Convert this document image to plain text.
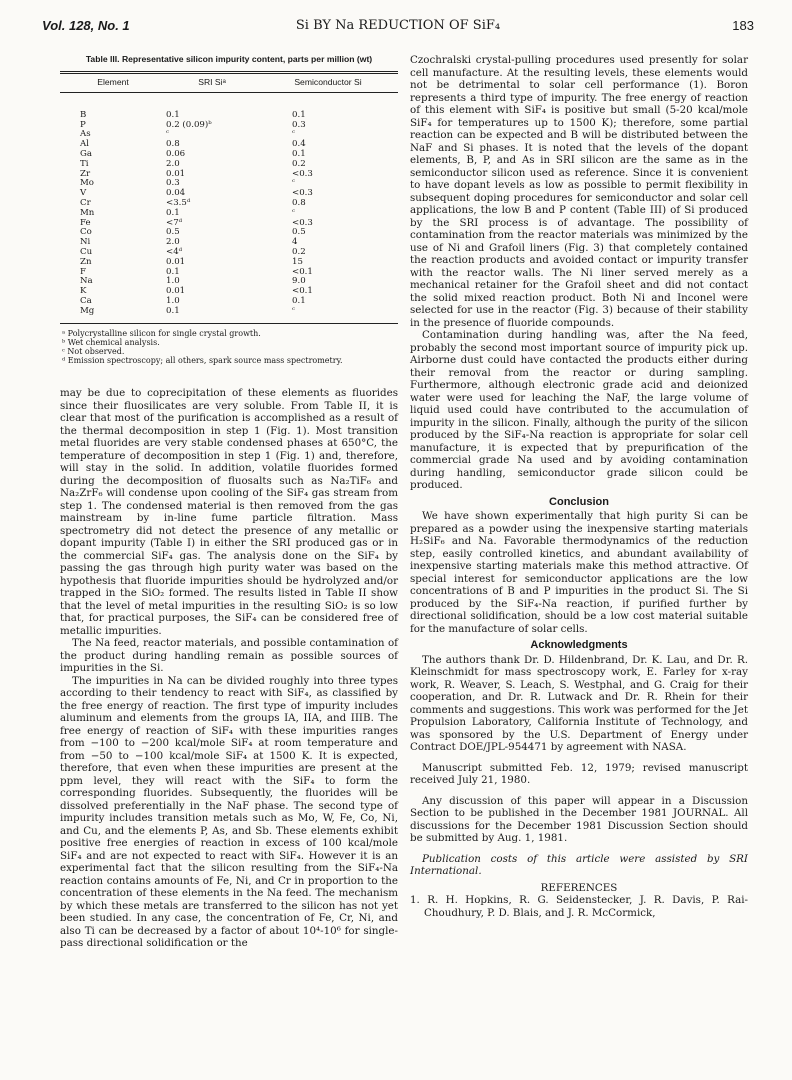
Vol. 128, No. 1	Si BY Na REDUCTION OF SiF₄	183
Table III. Representative silicon impurity content, parts per million (wt)
Element	SRI Siᵃ	Semiconductor Si
B	0.1	0.1
P	0.2 (0.09)ᵇ	0.3
As	ᶜ	ᶜ
Al	0.8	0.4
Ga	0.06	0.1
Ti	2.0	0.2
Zr	0.01	<0.3
Mo	0.3	ᶜ
V	0.04	<0.3
Cr	<3.5ᵈ	0.8
Mn	0.1	ᶜ
Fe	<7ᵈ	<0.3
Co	0.5	0.5
Ni	2.0	4
Cu	<4ᵈ	0.2
Zn	0.01	15
F	0.1	<0.1
Na	1.0	9.0
K	0.01	<0.1
Ca	1.0	0.1
Mg	0.1	ᶜ
ᵃ Polycrystalline silicon for single crystal growth.
ᵇ Wet chemical analysis.
ᶜ Not observed.
ᵈ Emission spectroscopy; all others, spark source mass spectrometry.

may be due to coprecipitation of these elements as fluorides since their fluosilicates are very soluble. From Table II, it is clear that most of the purification is accomplished as a result of the thermal decomposition in step 1 (Fig. 1). Most transition metal fluorides are very stable condensed phases at 650°C, the temperature of decomposition in step 1 (Fig. 1) and, therefore, will stay in the solid. In addition, volatile fluorides formed during the decomposition of fluosalts such as Na₂TiF₆ and Na₂ZrF₆ will condense upon cooling of the SiF₄ gas stream from step 1. The condensed material is then removed from the gas mainstream by in-line fume particle filtration. Mass spectrometry did not detect the presence of any metallic or dopant impurity (Table I) in either the SRI produced gas or in the commercial SiF₄ gas. The analysis done on the SiF₄ by passing the gas through high purity water was based on the hypothesis that fluoride impurities should be hydrolyzed and/or trapped in the SiO₂ formed. The results listed in Table II show that the level of metal impurities in the resulting SiO₂ is so low that, for practical purposes, the SiF₄ can be considered free of metallic impurities.

The Na feed, reactor materials, and possible contamination of the product during handling remain as possible sources of impurities in the Si.

The impurities in Na can be divided roughly into three types according to their tendency to react with SiF₄, as classified by the free energy of reaction. The first type of impurity includes aluminum and elements from the groups IA, IIA, and IIIB. The free energy of reaction of SiF₄ with these impurities ranges from −100 to −200 kcal/mole SiF₄ at room temperature and from −50 to −100 kcal/mole SiF₄ at 1500 K. It is expected, therefore, that even when these impurities are present at the ppm level, they will react with the SiF₄ to form the corresponding fluorides. Subsequently, the fluorides will be dissolved preferentially in the NaF phase. The second type of impurity includes transition metals such as Mo, W, Fe, Co, Ni, and Cu, and the elements P, As, and Sb. These elements exhibit positive free energies of reaction in excess of 100 kcal/mole SiF₄ and are not expected to react with SiF₄. However it is an experimental fact that the silicon resulting from the SiF₄-Na reaction contains amounts of Fe, Ni, and Cr in proportion to the concentration of these elements in the Na feed. The mechanism by which these metals are transferred to the silicon has not yet been studied. In any case, the concentration of Fe, Cr, Ni, and also Ti can be decreased by a factor of about 10⁴-10⁶ for single-pass directional solidification or the

Czochralski crystal-pulling procedures used presently for solar cell manufacture. At the resulting levels, these elements would not be detrimental to solar cell performance (1). Boron represents a third type of impurity. The free energy of reaction of this element with SiF₄ is positive but small (5-20 kcal/mole SiF₄ for temperatures up to 1500 K); therefore, some partial reaction can be expected and B will be distributed between the NaF and Si phases. It is noted that the levels of the dopant elements, B, P, and As in SRI silicon are the same as in the semiconductor silicon used as reference. Since it is convenient to have dopant levels as low as possible to permit flexibility in subsequent doping procedures for semiconductor and solar cell applications, the low B and P content (Table III) of Si produced by the SRI process is of advantage. The possibility of contamination from the reactor materials was minimized by the use of Ni and Grafoil liners (Fig. 3) that completely contained the reaction products and avoided contact or impurity transfer with the reactor walls. The Ni liner served merely as a mechanical retainer for the Grafoil sheet and did not contact the solid mixed reaction product. Both Ni and Inconel were selected for use in the reactor (Fig. 3) because of their stability in the presence of fluoride compounds.

Contamination during handling was, after the Na feed, probably the second most important source of impurity pick up. Airborne dust could have contacted the products either during their removal from the reactor or during sampling. Furthermore, although electronic grade acid and deionized water were used for leaching the NaF, the large volume of liquid used could have contributed to the accumulation of impurity in the silicon. Finally, although the purity of the silicon produced by the SiF₄-Na reaction is appropriate for solar cell manufacture, it is expected that by prepurification of the commercial grade Na used and by avoiding contamination during handling, semiconductor grade silicon could be produced.

Conclusion

We have shown experimentally that high purity Si can be prepared as a powder using the inexpensive starting materials H₂SiF₆ and Na. Favorable thermodynamics of the reduction step, easily controlled kinetics, and abundant availability of inexpensive starting materials make this method attractive. Of special interest for semiconductor applications are the low concentrations of B and P impurities in the product Si. The Si produced by the SiF₄-Na reaction, if purified further by directional solidification, should be a low cost material suitable for the manufacture of solar cells.

Acknowledgments

The authors thank Dr. D. Hildenbrand, Dr. K. Lau, and Dr. R. Kleinschmidt for mass spectroscopy work, E. Farley for x-ray work, R. Weaver, S. Leach, S. Westphal, and G. Craig for their cooperation, and Dr. R. Lutwack and Dr. R. Rhein for their comments and suggestions. This work was performed for the Jet Propulsion Laboratory, California Institute of Technology, and was sponsored by the U.S. Department of Energy under Contract DOE/JPL-954471 by agreement with NASA.

Manuscript submitted Feb. 12, 1979; revised manuscript received July 21, 1980.

Any discussion of this paper will appear in a Discussion Section to be published in the December 1981 JOURNAL. All discussions for the December 1981 Discussion Section should be submitted by Aug. 1, 1981.

Publication costs of this article were assisted by SRI International.

REFERENCES

1. R. H. Hopkins, R. G. Seidenstecker, J. R. Davis, P. Rai-Choudhury, P. D. Blais, and J. R. McCormick,
